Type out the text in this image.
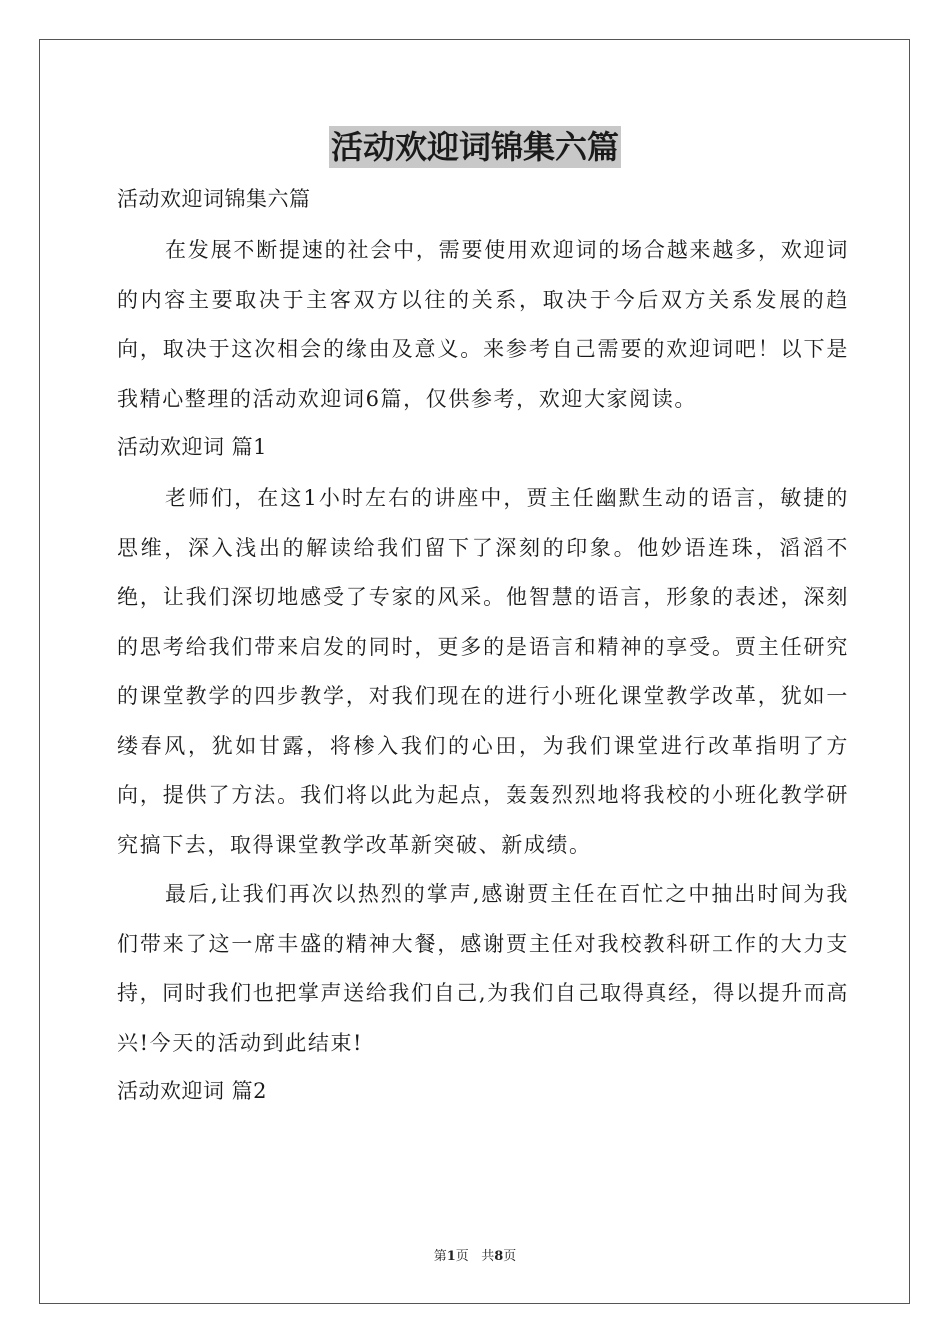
活动欢迎词锦集六篇

活动欢迎词锦集六篇

在发展不断提速的社会中，需要使用欢迎词的场合越来越多，欢迎词的内容主要取决于主客双方以往的关系，取决于今后双方关系发展的趋向，取决于这次相会的缘由及意义。来参考自己需要的欢迎词吧！以下是我精心整理的活动欢迎词6篇，仅供参考，欢迎大家阅读。

活动欢迎词 篇1

老师们，在这1小时左右的讲座中，贾主任幽默生动的语言，敏捷的思维，深入浅出的解读给我们留下了深刻的印象。他妙语连珠，滔滔不绝，让我们深切地感受了专家的风采。他智慧的语言，形象的表述，深刻的思考给我们带来启发的同时，更多的是语言和精神的享受。贾主任研究的课堂教学的四步教学，对我们现在的进行小班化课堂教学改革，犹如一缕春风，犹如甘露，将椮入我们的心田，为我们课堂进行改革指明了方向，提供了方法。我们将以此为起点，轰轰烈烈地将我校的小班化教学研究搞下去，取得课堂教学改革新突破、新成绩。

最后,让我们再次以热烈的掌声,感谢贾主任在百忙之中抽出时间为我们带来了这一席丰盛的精神大餐，感谢贾主任对我校教科研工作的大力支持，同时我们也把掌声送给我们自己,为我们自己取得真经，得以提升而高兴!今天的活动到此结束!

活动欢迎词 篇2

第1页 共8页
